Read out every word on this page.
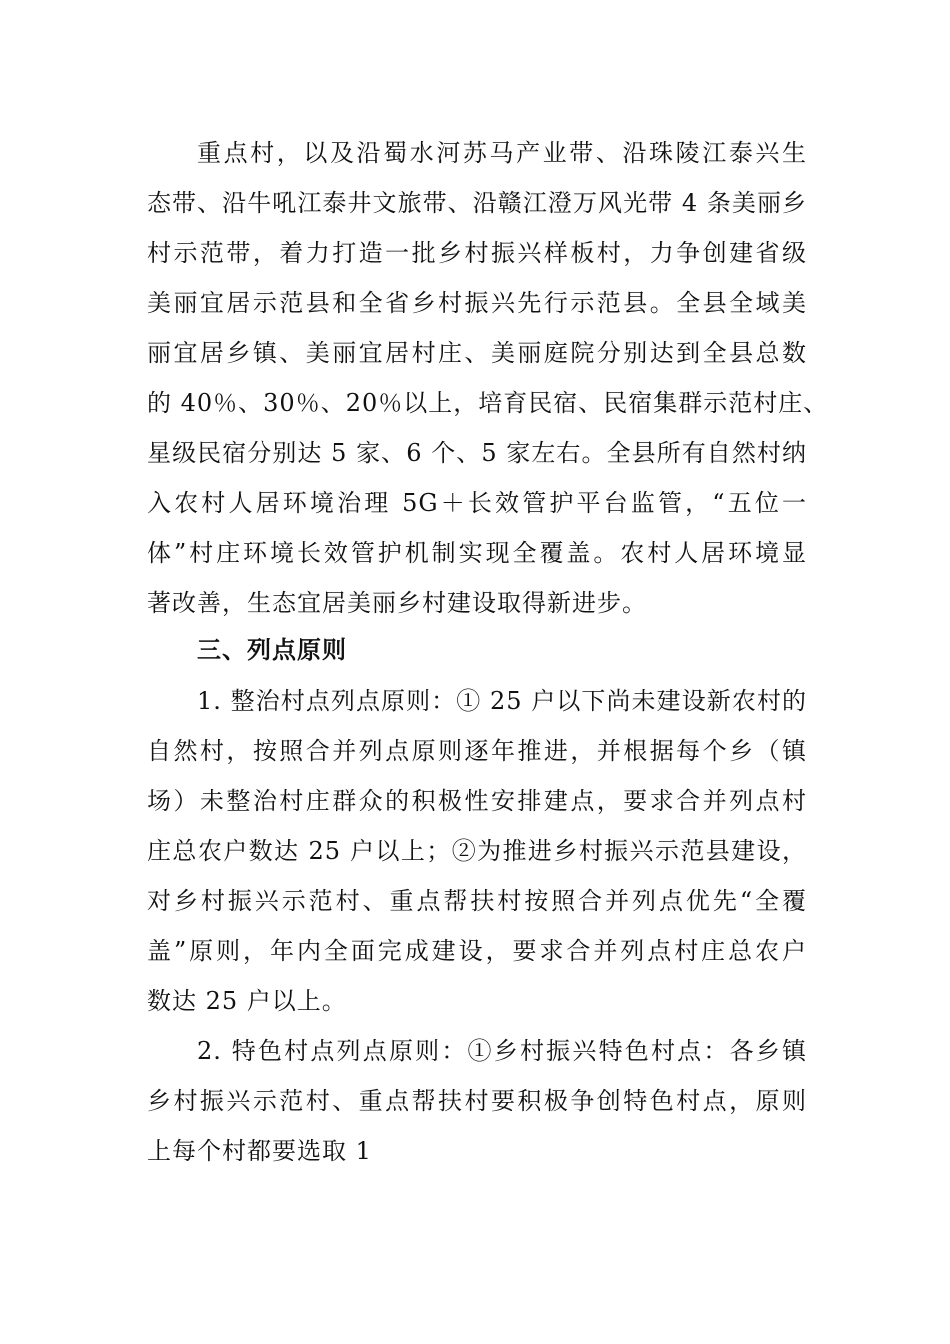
重点村，以及沿蜀水河苏马产业带、沿珠陵江泰兴生
态带、沿牛吼江泰井文旅带、沿赣江澄万风光带 4 条美丽乡
村示范带，着力打造一批乡村振兴样板村，力争创建省级
美丽宜居示范县和全省乡村振兴先行示范县。全县全域美
丽宜居乡镇、美丽宜居村庄、美丽庭院分别达到全县总数
的 40％、30％、20％以上，培育民宿、民宿集群示范村庄、
星级民宿分别达 5 家、6 个、5 家左右。全县所有自然村纳
入农村人居环境治理 5G＋长效管护平台监管，“五位一
体”村庄环境长效管护机制实现全覆盖。农村人居环境显
著改善，生态宜居美丽乡村建设取得新进步。
三、列点原则
1. 整治村点列点原则：① 25 户以下尚未建设新农村的
自然村，按照合并列点原则逐年推进，并根据每个乡（镇
场）未整治村庄群众的积极性安排建点，要求合并列点村
庄总农户数达 25 户以上；②为推进乡村振兴示范县建设，
对乡村振兴示范村、重点帮扶村按照合并列点优先“全覆
盖”原则，年内全面完成建设，要求合并列点村庄总农户
数达 25 户以上。
2. 特色村点列点原则：①乡村振兴特色村点：各乡镇
乡村振兴示范村、重点帮扶村要积极争创特色村点，原则
上每个村都要选取 1
